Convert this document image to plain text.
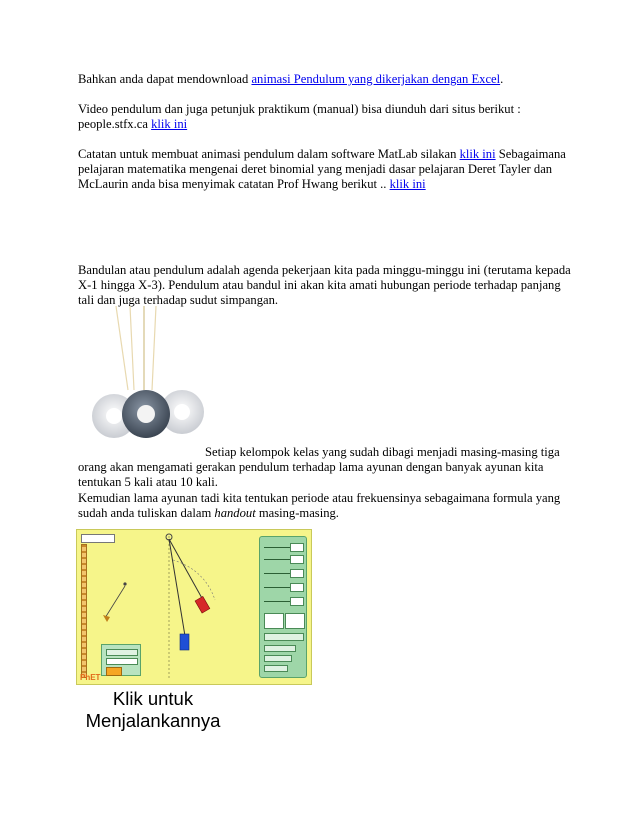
Bahkan anda dapat mendownload animasi Pendulum yang dikerjakan dengan Excel.

Video pendulum dan juga petunjuk praktikum (manual) bisa diunduh dari situs berikut :
people.stfx.ca klik ini

Catatan untuk membuat animasi pendulum dalam software MatLab silakan klik ini Sebagaimana pelajaran matematika mengenai deret binomial yang menjadi dasar pelajaran Deret Tayler dan McLaurin anda bisa menyimak catatan Prof Hwang berikut .. klik ini

Bandulan atau pendulum adalah agenda pekerjaan kita pada minggu-minggu ini (terutama kepada X-1 hingga X-3). Pendulum atau bandul ini akan kita amati hubungan periode terhadap panjang tali dan juga terhadap sudut simpangan.

Setiap kelompok kelas yang sudah dibagi menjadi masing-masing tiga
orang akan mengamati gerakan pendulum terhadap lama ayunan dengan banyak ayunan kita tentukan 5 kali atau 10 kali.
Kemudian lama ayunan tadi kita tentukan periode atau frekuensinya sebagaimana formula yang sudah anda tuliskan dalam handout masing-masing.

PhET
Klik untuk
Menjalankannya
